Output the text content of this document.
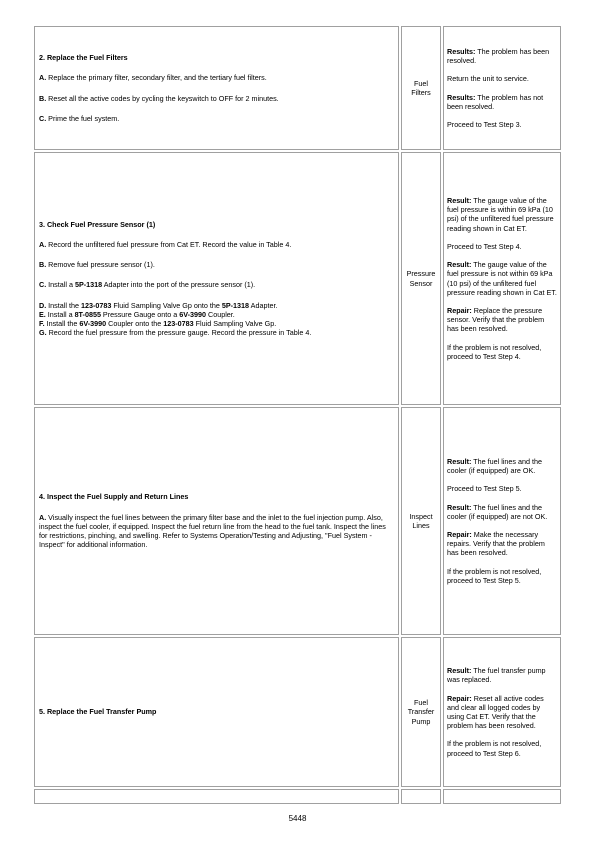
2. Replace the Fuel Filters

A. Replace the primary filter, secondary filter, and the tertiary fuel filters.

B. Reset all the active codes by cycling the keyswitch to OFF for 2 minutes.

C. Prime the fuel system.

Fuel Filters

Results: The problem has been resolved.

Return the unit to service.

Results: The problem has not been resolved.

Proceed to Test Step 3.

3. Check Fuel Pressure Sensor (1)

A. Record the unfiltered fuel pressure from Cat ET. Record the value in Table 4.

B. Remove fuel pressure sensor (1).

C. Install a 5P-1318 Adapter into the port of the pressure sensor (1).

D. Install the 123-0783 Fluid Sampling Valve Gp onto the 5P-1318 Adapter.

E. Install a 8T-0855 Pressure Gauge onto a 6V-3990 Coupler.

F. Install the 6V-3990 Coupler onto the 123-0783 Fluid Sampling Valve Gp.

G. Record the fuel pressure from the pressure gauge. Record the pressure in Table 4.

Pressure Sensor

Result: The gauge value of the fuel pressure is within 69 kPa (10 psi) of the unfiltered fuel pressure reading shown in Cat ET.

Proceed to Test Step 4.

Result: The gauge value of the fuel pressure is not within 69 kPa (10 psi) of the unfiltered fuel pressure reading shown in Cat ET.

Repair: Replace the pressure sensor. Verify that the problem has been resolved.

If the problem is not resolved, proceed to Test Step 4.

4. Inspect the Fuel Supply and Return Lines

A. Visually inspect the fuel lines between the primary filter base and the inlet to the fuel injection pump. Also, inspect the fuel cooler, if equipped. Inspect the fuel return line from the head to the fuel tank. Inspect the lines for restrictions, pinching, and swelling. Refer to Systems Operation/Testing and Adjusting, "Fuel System - Inspect" for additional information.

Inspect Lines

Result: The fuel lines and the cooler (if equipped) are OK.

Proceed to Test Step 5.

Result: The fuel lines and the cooler (if equipped) are not OK.

Repair: Make the necessary repairs. Verify that the problem has been resolved.

If the problem is not resolved, proceed to Test Step 5.

5. Replace the Fuel Transfer Pump
Fuel Transfer Pump

Result: The fuel transfer pump was replaced.

Repair: Reset all active codes and clear all logged codes by using Cat ET. Verify that the problem has been resolved.

If the problem is not resolved, proceed to Test Step 6.

5448
